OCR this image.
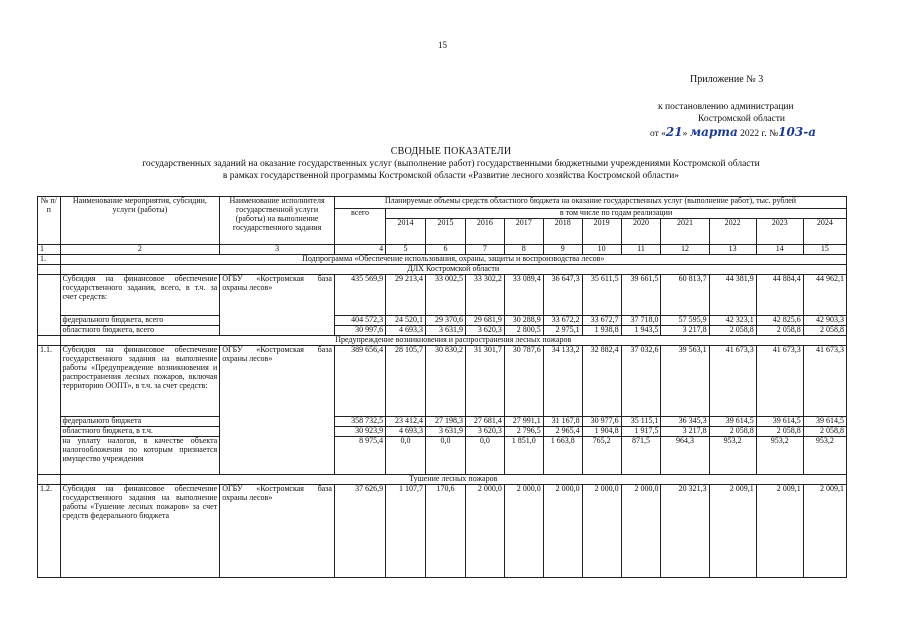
15
Приложение № 3
к постановлению администрации
Костромской области
от «21» марта 2022 г. №103-а
СВОДНЫЕ ПОКАЗАТЕЛИ
государственных заданий на оказание государственных услуг (выполнение работ) государственными бюджетными учреждениями Костромской области
в рамках государственной программы Костромской области «Развитие лесного хозяйства Костромской области»
№ п/п	Наименование мероприятия, субсидии, услуги (работы)	Наименование исполнителя государственной услуги (работы) на выполнение государственного задания	Планируемые объемы средств областного бюджета на оказание государственных услуг (выполнение работ), тыс. рублей											
			всего	в том числе по годам реализации										
				2014	2015	2016	2017	2018	2019	2020	2021	2022	2023	2024
1	2	3	4	5	6	7	8	9	10	11	12	13	14	15
1.	Подпрограмма «Обеспечение использования, охраны, защиты и воспроизводства лесов»													
	ДЛХ Костромской области													
	Субсидия на финансовое обеспечение государственного задания, всего, в т.ч. за счет средств:	ОГБУ «Костромская база охраны лесов»	435 569,9	29 213,4	33 002,5	33 302,2	33 089,4	36 647,3	35 611,5	39 661,5	60 813,7	44 381,9	44 884,4	44 962,1
	федерального бюджета, всего		404 572,3	24 520,1	29 370,6	29 681,9	30 288,9	33 672,2	33 672,7	37 718,0	57 595,9	42 323,1	42 825,6	42 903,3
	областного бюджета, всего		30 997,6	4 693,3	3 631,9	3 620,3	2 800,5	2 975,1	1 938,8	1 943,5	3 217,8	2 058,8	2 058,8	2 058,8
	Предупреждение возникновения и распространения лесных пожаров													
1.1.	Субсидия на финансовое обеспечение государственного задания на выполнение работы «Предупреждение возникновения и распространения лесных пожаров, включая территорию ООПТ», в т.ч. за счет средств:	ОГБУ «Костромская база охраны лесов»	389 656,4	28 105,7	30 830,2	31 301,7	30 787,6	34 133,2	32 882,4	37 032,6	39 563,1	41 673,3	41 673,3	41 673,3
	федерального бюджета		358 732,5	23 412,4	27 198,3	27 681,4	27 991,1	31 167,8	30 977,6	35 115,1	36 345,3	39 614,5	39 614,5	39 614,5
	областного бюджета, в т.ч.		30 923,9	4 693,3	3 631,9	3 620,3	2 796,5	2 965,4	1 904,8	1 917,5	3 217,8	2 058,8	2 058,8	2 058,8
	на уплату налогов, в качестве объекта налогообложения по которым признается имущество учреждения		8 975,4	0,0	0,0	0,0	1 851,0	1 663,8	765,2	871,5	964,3	953,2	953,2	953,2
	Тушение лесных пожаров													
1.2.	Субсидия на финансовое обеспечение государственного задания на выполнение работы «Тушение лесных пожаров» за счет средств федерального бюджета	ОГБУ «Костромская база охраны лесов»	37 626,9	1 107,7	170,6	2 000,0	2 000,0	2 000,0	2 000,0	2 000,0	20 321,3	2 009,1	2 009,1	2 009,1
